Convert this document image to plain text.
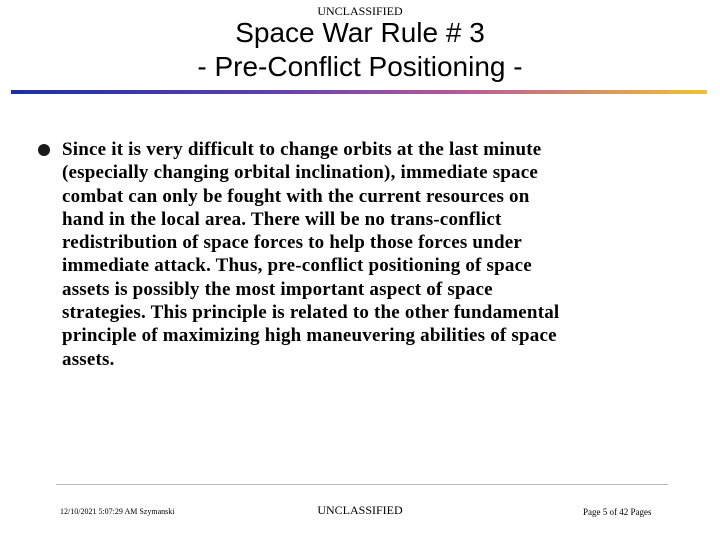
UNCLASSIFIED
Space War Rule # 3
- Pre-Conflict Positioning -
Since it is very difficult to change orbits at the last minute
(especially changing orbital inclination), immediate space
combat can only be fought with the current resources on
hand in the local area. There will be no trans-conflict
redistribution of space forces to help those forces under
immediate attack. Thus, pre-conflict positioning of space
assets is possibly the most important aspect of space
strategies. This principle is related to the other fundamental
principle of maximizing high maneuvering abilities of space
assets.
12/10/2021 5:07:29 AM Szymanski	UNCLASSIFIED	Page 5 of 42 Pages
